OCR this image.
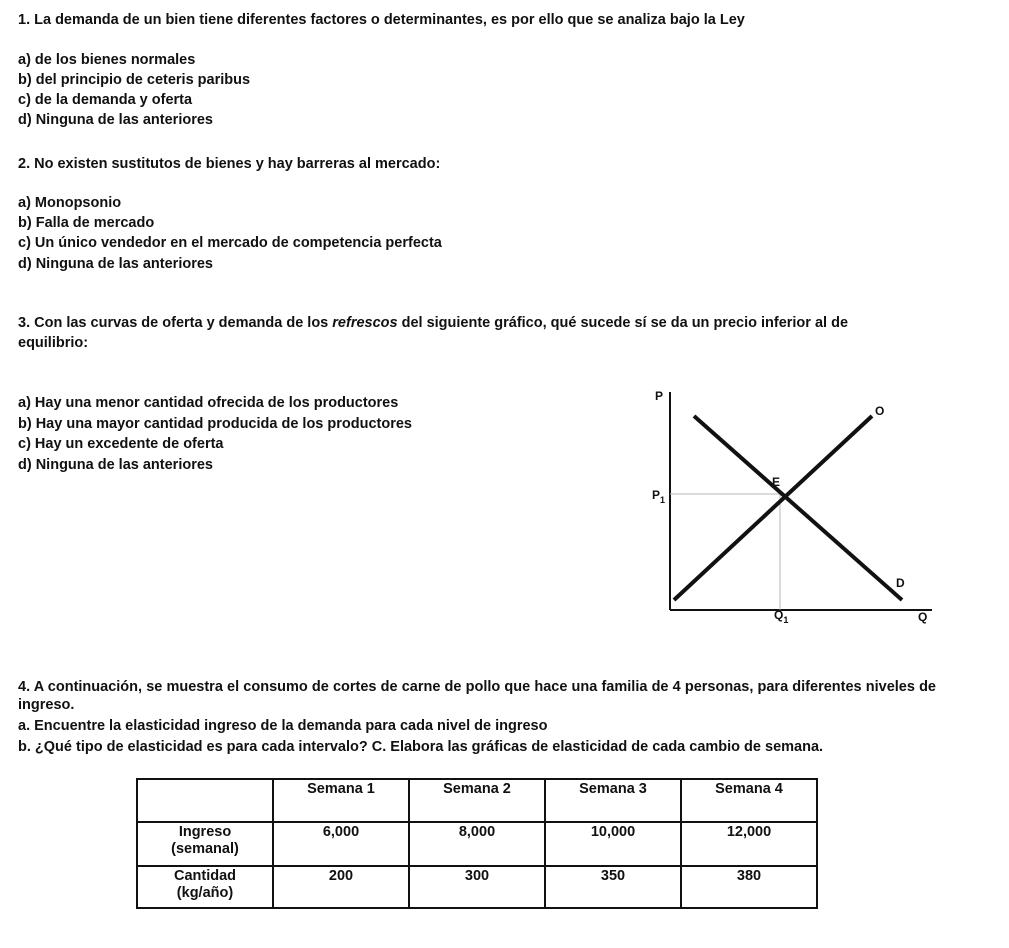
1. La demanda de un bien tiene diferentes factores o determinantes, es por ello que se analiza bajo la Ley
a) de los bienes normales
b) del principio de ceteris paribus
c) de la demanda y oferta
d) Ninguna de las anteriores
2. No existen sustitutos de bienes y hay barreras al mercado:
a) Monopsonio
b) Falla de mercado
c) Un único vendedor en el mercado de competencia perfecta
d) Ninguna de las anteriores
3. Con las curvas de oferta y demanda de los refrescos del siguiente gráfico, qué sucede sí se da un precio inferior al de
equilibrio:
a) Hay una menor cantidad ofrecida de los productores
b) Hay una mayor cantidad producida de los productores
c) Hay un excedente de oferta
d) Ninguna de las anteriores
P
O
E
$P_1$
D
$Q_1$	Q
4. A continuación, se muestra el consumo de cortes de carne de pollo que hace una familia de 4 personas, para diferentes niveles de ingreso.
a. Encuentre la elasticidad ingreso de la demanda para cada nivel de ingreso
b. ¿Qué tipo de elasticidad es para cada intervalo? C. Elabora las gráficas de elasticidad de cada cambio de semana.

	Semana 1	Semana 2	Semana 3	Semana 4

Ingreso
(semanal)	6,000	8,000	10,000	12,000

Cantidad
(kg/año)	200	300	350	380
